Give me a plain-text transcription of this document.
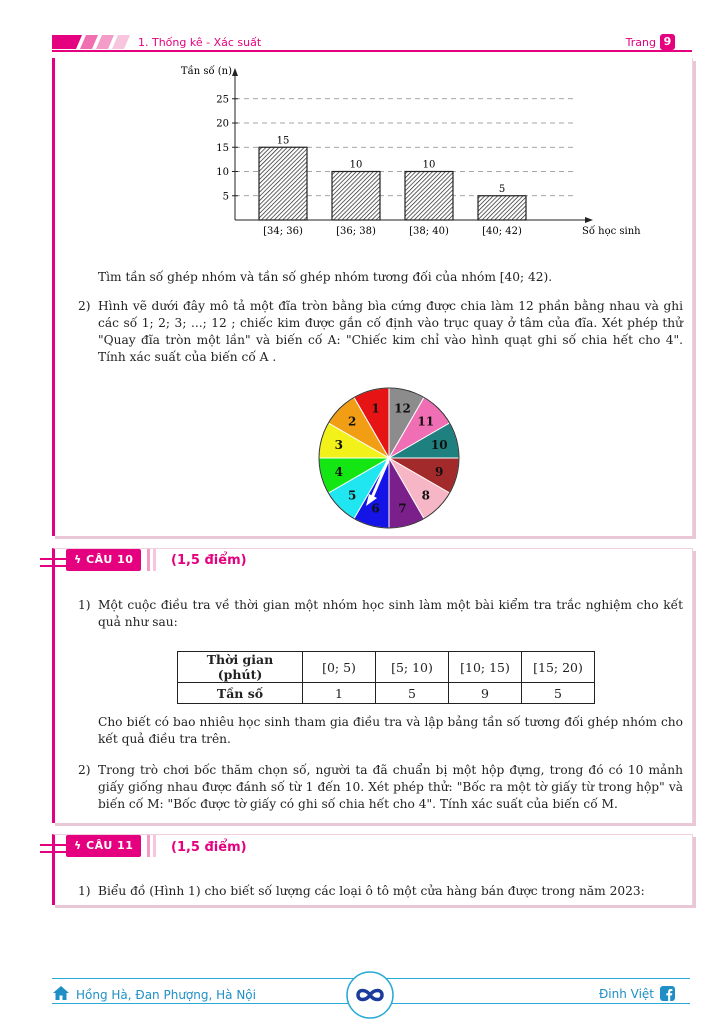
1. Thống kê - Xác suất	Trang 9
5
10
15
20
25
Tần số (n)
Số học sinh
15
[34; 36)
10
[36; 38)
10
[38; 40)
5
[40; 42)
Tìm tần số ghép nhóm và tần số ghép nhóm tương đối của nhóm [40; 42).
2) Hình vẽ dưới đây mô tả một đĩa tròn bằng bìa cứng được chia làm 12 phần bằng nhau và ghi các số 1; 2; 3; ...; 12 ; chiếc kim được gắn cố định vào trục quay ở tâm của đĩa. Xét phép thử "Quay đĩa tròn một lần" và biến cố A: "Chiếc kim chỉ vào hình quạt ghi số chia hết cho 4". Tính xác suất của biến cố A .
12
11
10
9
8
7
6
5
4
3
2
1
ϟ CÂU 10	(1,5 điểm)
1) Một cuộc điều tra về thời gian một nhóm học sinh làm một bài kiểm tra trắc nghiệm cho kết quả như sau:
Thời gian (phút)	[0; 5)	[5; 10)	[10; 15)	[15; 20)
Tần số	1	5	9	5
Cho biết có bao nhiêu học sinh tham gia điều tra và lập bảng tần số tương đối ghép nhóm cho kết quả điều tra trên.
2) Trong trò chơi bốc thăm chọn số, người ta đã chuẩn bị một hộp đựng, trong đó có 10 mảnh giấy giống nhau được đánh số từ 1 đến 10. Xét phép thử: "Bốc ra một tờ giấy từ trong hộp" và biến cố M: "Bốc được tờ giấy có ghi số chia hết cho 4". Tính xác suất của biến cố M.
ϟ CÂU 11	(1,5 điểm)
1) Biểu đồ (Hình 1) cho biết số lượng các loại ô tô một cửa hàng bán được trong năm 2023:
Hồng Hà, Đan Phượng, Hà Nội	Đinh Việt
